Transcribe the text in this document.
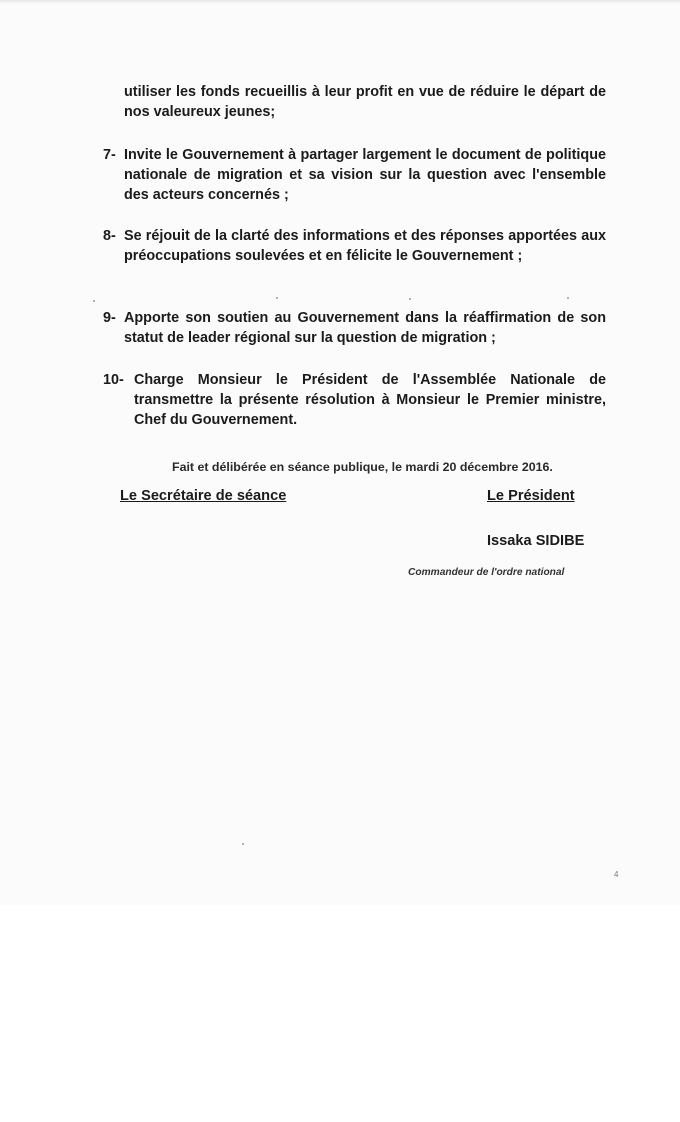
utiliser les fonds recueillis à leur profit en vue de réduire le départ de nos valeureux jeunes;
7- Invite le Gouvernement à partager largement le document de politique nationale de migration et sa vision sur la question avec l'ensemble des acteurs concernés ;
8- Se réjouit de la clarté des informations et des réponses apportées aux préoccupations soulevées et en félicite le Gouvernement ;
9- Apporte son soutien au Gouvernement dans la réaffirmation de son statut de leader régional sur la question de migration ;
10- Charge Monsieur le Président de l'Assemblée Nationale de transmettre la présente résolution à Monsieur le Premier ministre, Chef du Gouvernement.
Fait et délibérée en séance publique, le mardi 20 décembre 2016.
Le Secrétaire de séance	Le Président
Issaka SIDIBE
Commandeur de l'ordre national
4
